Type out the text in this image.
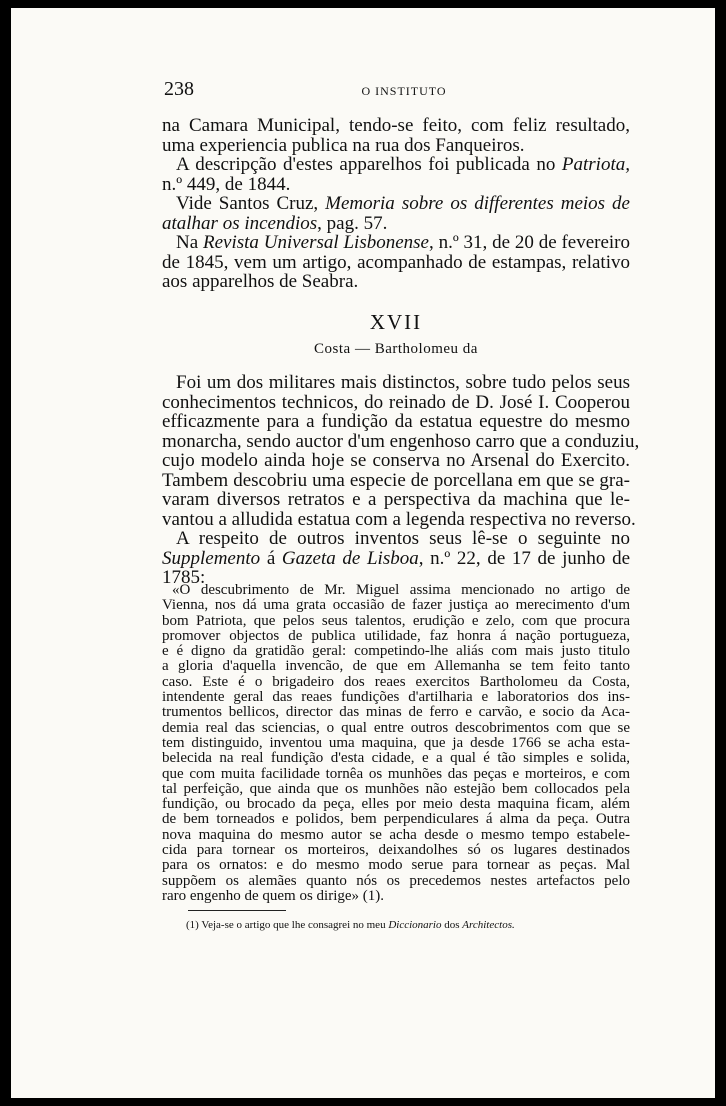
238	O INSTITUTO
na Camara Municipal, tendo-se feito, com feliz resultado,
uma experiencia publica na rua dos Fanqueiros.
A descripção d'estes apparelhos foi publicada no Patriota,
n.º 449, de 1844.
Vide Santos Cruz, Memoria sobre os differentes meios de
atalhar os incendios, pag. 57.
Na Revista Universal Lisbonense, n.º 31, de 20 de fevereiro
de 1845, vem um artigo, acompanhado de estampas, relativo
aos apparelhos de Seabra.
XVII
Costa — Bartholomeu da
Foi um dos militares mais distinctos, sobre tudo pelos seus
conhecimentos technicos, do reinado de D. José I. Cooperou
efficazmente para a fundição da estatua equestre do mesmo
monarcha, sendo auctor d'um engenhoso carro que a conduziu,
cujo modelo ainda hoje se conserva no Arsenal do Exercito.
Tambem descobriu uma especie de porcellana em que se gra-
varam diversos retratos e a perspectiva da machina que le-
vantou a alludida estatua com a legenda respectiva no reverso.
A respeito de outros inventos seus lê-se o seguinte no
Supplemento á Gazeta de Lisboa, n.º 22, de 17 de junho de
1785:
«O descubrimento de Mr. Miguel assima mencionado no artigo de
Vienna, nos dá uma grata occasião de fazer justiça ao merecimento d'um
bom Patriota, que pelos seus talentos, erudição e zelo, com que procura
promover objectos de publica utilidade, faz honra á nação portugueza,
e é digno da gratidão geral: competindo-lhe aliás com mais justo titulo
a gloria d'aquella invencão, de que em Allemanha se tem feito tanto
caso. Este é o brigadeiro dos reaes exercitos Bartholomeu da Costa,
intendente geral das reaes fundições d'artilharia e laboratorios dos ins-
trumentos bellicos, director das minas de ferro e carvão, e socio da Aca-
demia real das sciencias, o qual entre outros descobrimentos com que se
tem distinguido, inventou uma maquina, que ja desde 1766 se acha esta-
belecida na real fundição d'esta cidade, e a qual é tão simples e solida,
que com muita facilidade tornêa os munhões das peças e morteiros, e com
tal perfeição, que ainda que os munhões não estejão bem collocados pela
fundição, ou brocado da peça, elles por meio desta maquina ficam, além
de bem torneados e polidos, bem perpendiculares á alma da peça. Outra
nova maquina do mesmo autor se acha desde o mesmo tempo estabele-
cida para tornear os morteiros, deixandolhes só os lugares destinados
para os ornatos: e do mesmo modo serue para tornear as peças. Mal
suppõem os alemães quanto nós os precedemos nestes artefactos pelo
raro engenho de quem os dirige» (1).
(1) Veja-se o artigo que lhe consagrei no meu Diccionario dos Architectos.
